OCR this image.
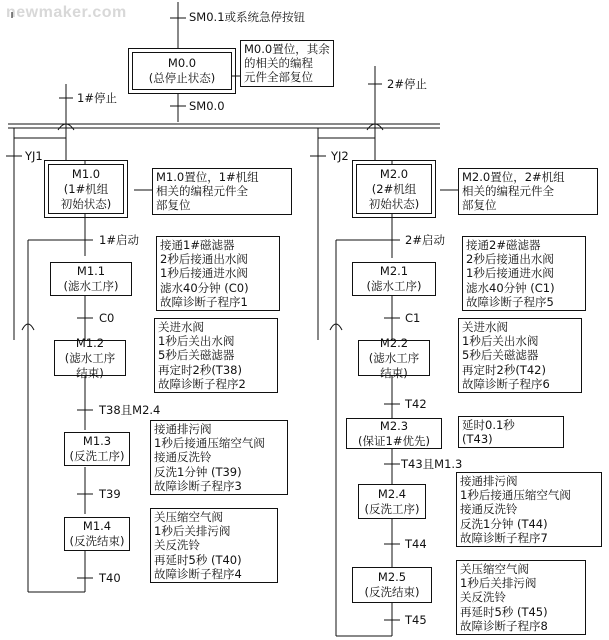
newmaker.com	SM0.1或系统急停按钮
M0.0
(总停止状态)
M0.0置位，其余
的相关的编程
元件全部复位
SM0.0
1#停止
2#停止
YJ1	YJ2
M1.0
(1#机组
初始状态)
M1.0置位，1#机组
相关的编程元件全
部复位
1#启动
M1.1
(滤水工序)
接通1#磁滤器
2秒后接通出水阀
1秒后接通进水阀
滤水40分钟 (C0)
故障诊断子程序1
C0
M1.2
(滤水工序
结束)
关进水阀
1秒后关出水阀
5秒后关磁滤器
再定时2秒(T38)
故障诊断子程序2
T38且M2.4
M1.3
(反洗工序)
接通排污阀
1秒后接通压缩空气阀
接通反洗铃
反洗1分钟 (T39)
故障诊断子程序3
T39
M1.4
(反洗结束)
关压缩空气阀
1秒后关排污阀
关反洗铃
再延时5秒 (T40)
故障诊断子程序4
T40
M2.0
(2#机组
初始状态)
M2.0置位，2#机组
相关的编程元件全
部复位
2#启动
M2.1
(滤水工序)
接通2#磁滤器
2秒后接通出水阀
1秒后接通进水阀
滤水40分钟 (C1)
故障诊断子程序5
C1
M2.2
(滤水工序
结束)
关进水阀
1秒后关出水阀
5秒后关磁滤器
再定时2秒(T42)
故障诊断子程序6
T42
M2.3
(保证1#优先)
延时0.1秒
(T43)
T43且M1.3
M2.4
(反洗工序)
接通排污阀
1秒后接通压缩空气阀
接通反洗铃
反洗1分钟 (T44)
故障诊断子程序7
T44
M2.5
(反洗结束)
关压缩空气阀
1秒后关排污阀
关反洗铃
再延时5秒 (T45)
故障诊断子程序8
T45
